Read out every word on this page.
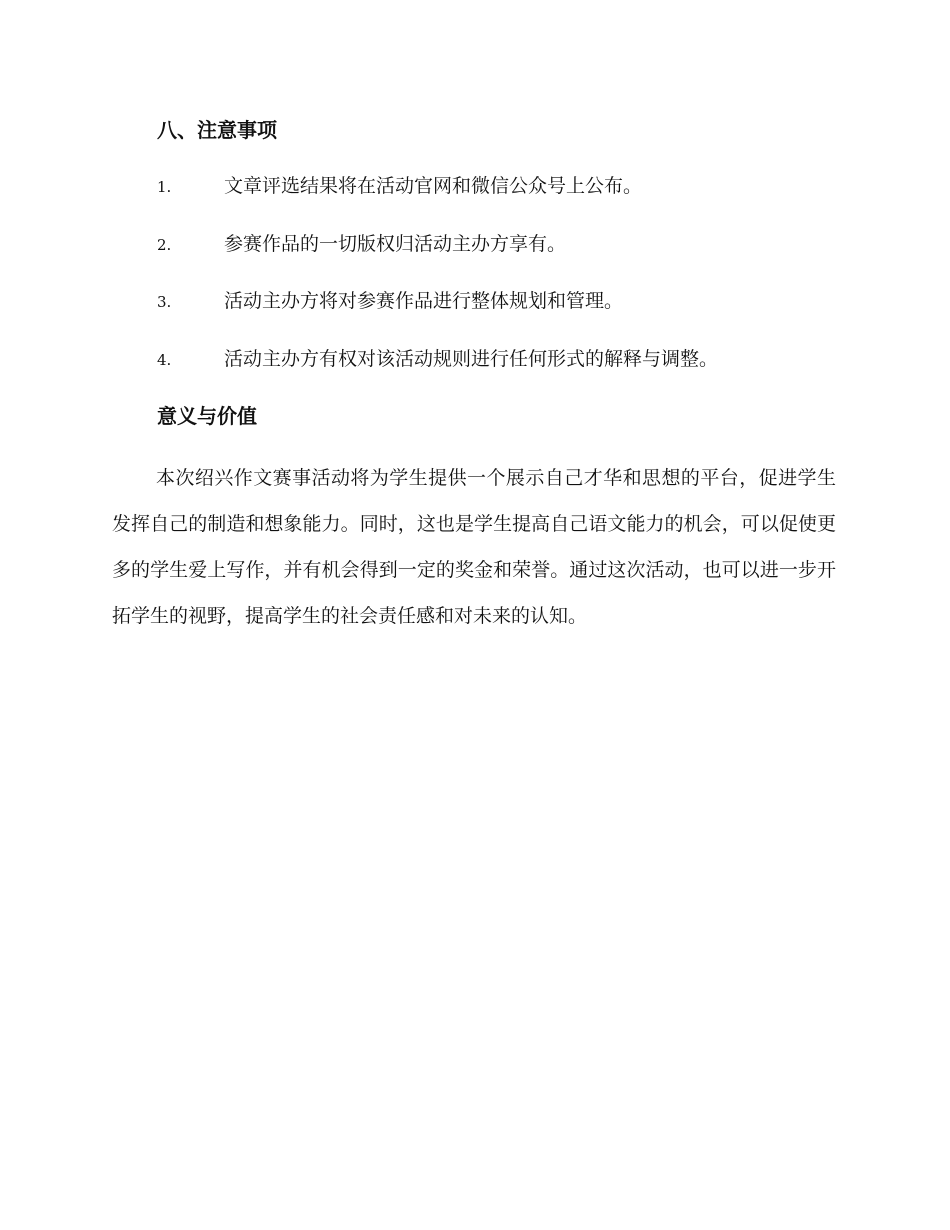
八、注意事项
1.	文章评选结果将在活动官网和微信公众号上公布。
2.	参赛作品的一切版权归活动主办方享有。
3.	活动主办方将对参赛作品进行整体规划和管理。
4.	活动主办方有权对该活动规则进行任何形式的解释与调整。
意义与价值

本次绍兴作文赛事活动将为学生提供一个展示自己才华和思想的平台，促进学生发挥自己的制造和想象能力。同时，这也是学生提高自己语文能力的机会，可以促使更多的学生爱上写作，并有机会得到一定的奖金和荣誉。通过这次活动，也可以进一步开拓学生的视野，提高学生的社会责任感和对未来的认知。
